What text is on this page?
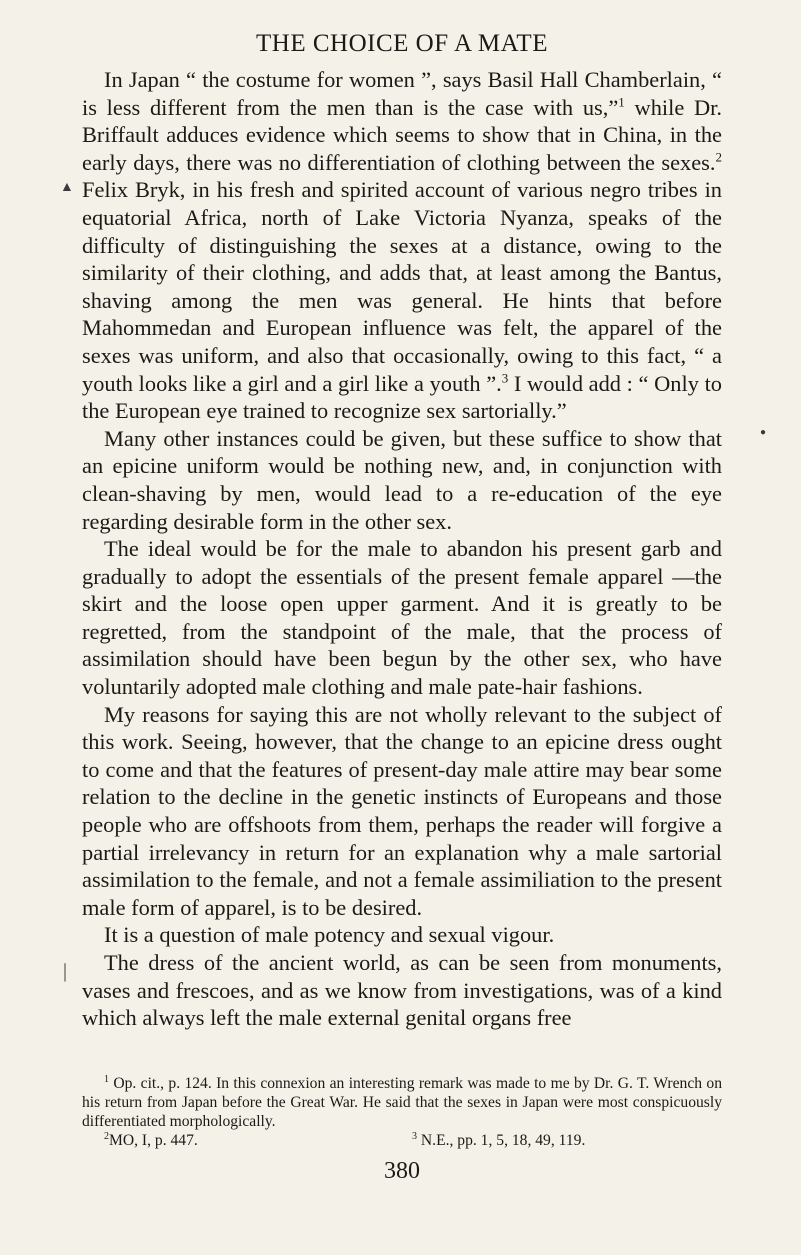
THE CHOICE OF A MATE

In Japan “ the costume for women ”, says Basil Hall Chamberlain, “ is less different from the men than is the case with us,”$^1$ while Dr. Briffault adduces evidence which seems to show that in China, in the early days, there was no differentiation of clothing between the sexes.$^2$ Felix Bryk, in his fresh and spirited account of various negro tribes in equatorial Africa, north of Lake Victoria Nyanza, speaks of the difficulty of distinguishing the sexes at a distance, owing to the similarity of their clothing, and adds that, at least among the Bantus, shaving among the men was general. He hints that before Mahommedan and European influence was felt, the apparel of the sexes was uniform, and also that occasionally, owing to this fact, “ a youth looks like a girl and a girl like a youth ”.$^3$ I would add : “ Only to the European eye trained to recognize sex sartorially.”

Many other instances could be given, but these suffice to show that an epicine uniform would be nothing new, and, in conjunction with clean-shaving by men, would lead to a re-education of the eye regarding desirable form in the other sex.

The ideal would be for the male to abandon his present garb and gradually to adopt the essentials of the present female apparel —the skirt and the loose open upper garment. And it is greatly to be regretted, from the standpoint of the male, that the process of assimilation should have been begun by the other sex, who have voluntarily adopted male clothing and male pate-hair fashions.

My reasons for saying this are not wholly relevant to the subject of this work. Seeing, however, that the change to an epicine dress ought to come and that the features of present-day male attire may bear some relation to the decline in the genetic instincts of Europeans and those people who are offshoots from them, perhaps the reader will forgive a partial irrelevancy in return for an explanation why a male sartorial assimilation to the female, and not a female assimiliation to the present male form of apparel, is to be desired.

It is a question of male potency and sexual vigour.

The dress of the ancient world, as can be seen from monuments, vases and frescoes, and as we know from investigations, was of a kind which always left the male external genital organs free

$^1$ Op. cit., p. 124. In this connexion an interesting remark was made to me by Dr. G. T. Wrench on his return from Japan before the Great War. He said that the sexes in Japan were most conspicuously differentiated morphologically.

$^2$MO, I, p. 447.	$^3$ N.E., pp. 1, 5, 18, 49, 119.
380
▲
●
|
